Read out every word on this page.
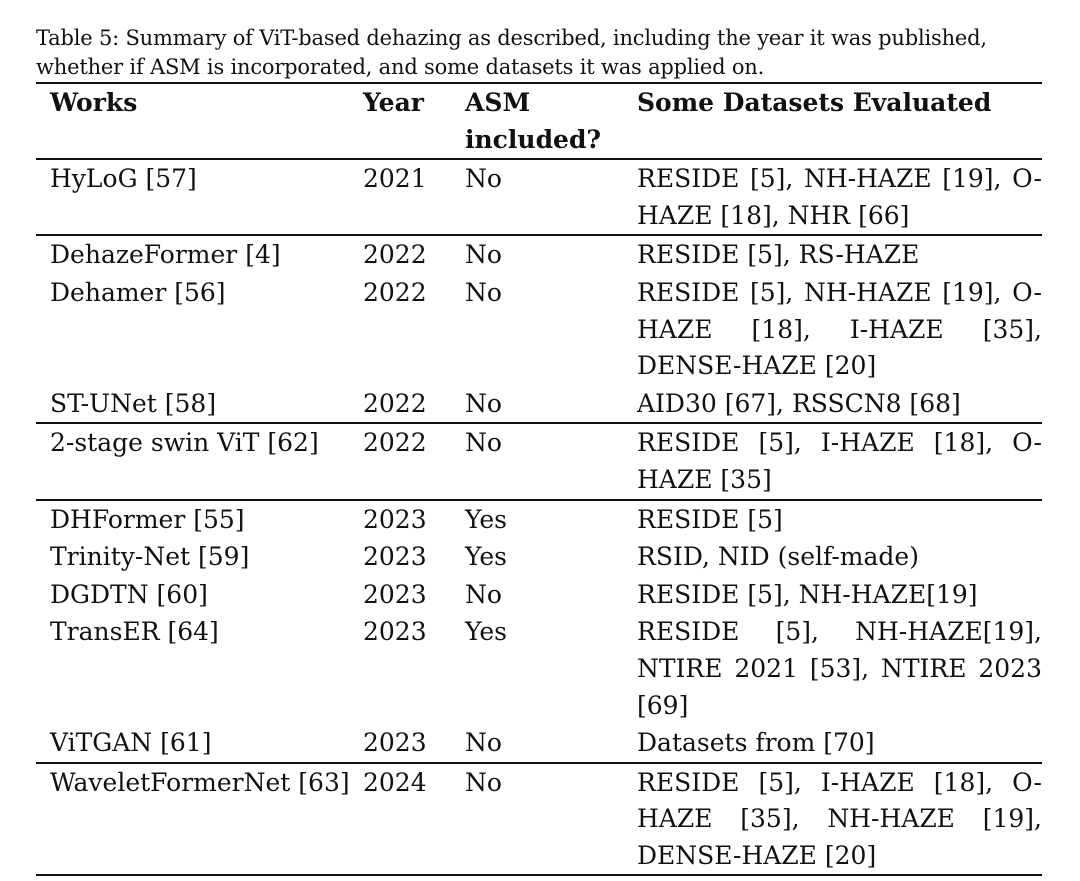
Table 5: Summary of ViT-based dehazing as described, including the year it was published, whether if ASM is incorporated, and some datasets it was applied on.
Works	Year	ASM included?	Some Datasets Evaluated
HyLoG [57]	2021	No	RESIDE [5], NH-HAZE [19], O-HAZE [18], NHR [66]
DehazeFormer [4]	2022	No	RESIDE [5], RS-HAZE
Dehamer [56]	2022	No	RESIDE [5], NH-HAZE [19], O-HAZE [18], I-HAZE [35], DENSE-HAZE [20]
ST-UNet [58]	2022	No	AID30 [67], RSSCN8 [68]
2-stage swin ViT [62]	2022	No	RESIDE [5], I-HAZE [18], O-HAZE [35]
DHFormer [55]	2023	Yes	RESIDE [5]
Trinity-Net [59]	2023	Yes	RSID, NID (self-made)
DGDTN [60]	2023	No	RESIDE [5], NH-HAZE[19]
TransER [64]	2023	Yes	RESIDE [5], NH-HAZE[19], NTIRE 2021 [53], NTIRE 2023 [69]
ViTGAN [61]	2023	No	Datasets from [70]
WaveletFormerNet [63]	2024	No	RESIDE [5], I-HAZE [18], O-HAZE [35], NH-HAZE [19], DENSE-HAZE [20]
